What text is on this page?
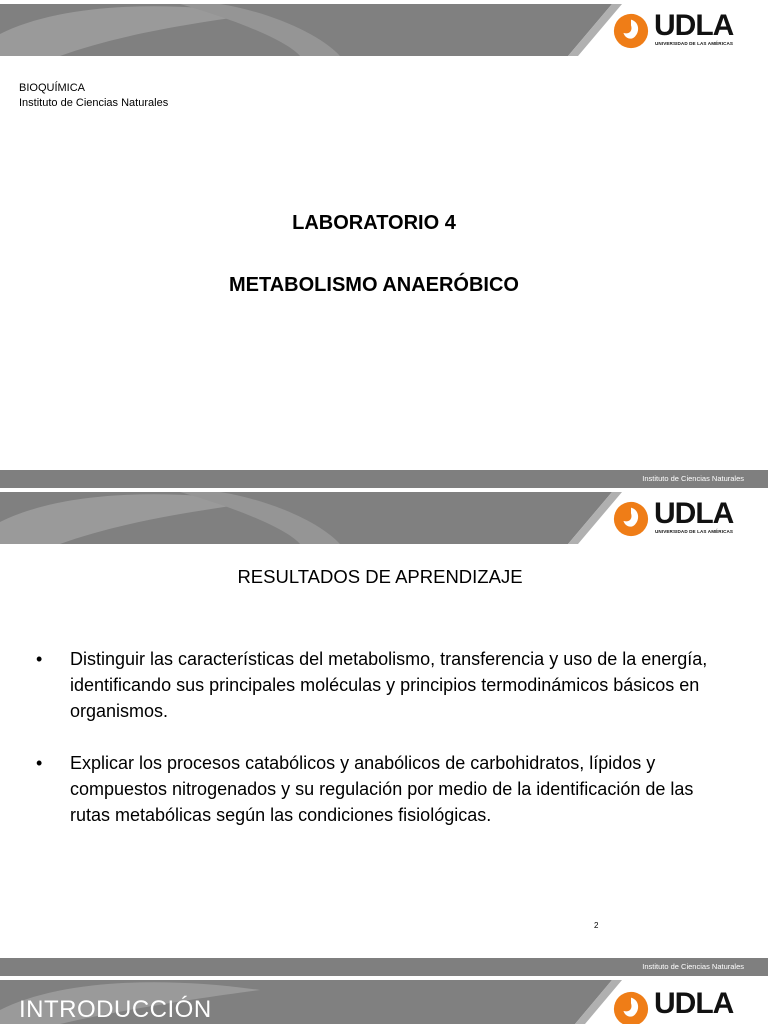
UDLA
UNIVERSIDAD DE LAS AMÉRICAS
BIOQUÍMICA
Instituto de Ciencias Naturales
LABORATORIO 4
METABOLISMO ANAERÓBICO
Instituto de Ciencias Naturales
UDLA
UNIVERSIDAD DE LAS AMÉRICAS
RESULTADOS DE APRENDIZAJE
• Distinguir las características del metabolismo, transferencia y uso de la energía, identificando sus principales moléculas y principios termodinámicos básicos en organismos.
• Explicar los procesos catabólicos y anabólicos de carbohidratos, lípidos y compuestos nitrogenados y su regulación por medio de la identificación de las rutas metabólicas según las condiciones fisiológicas.
2
Instituto de Ciencias Naturales
UDLA
INTRODUCCIÓN
